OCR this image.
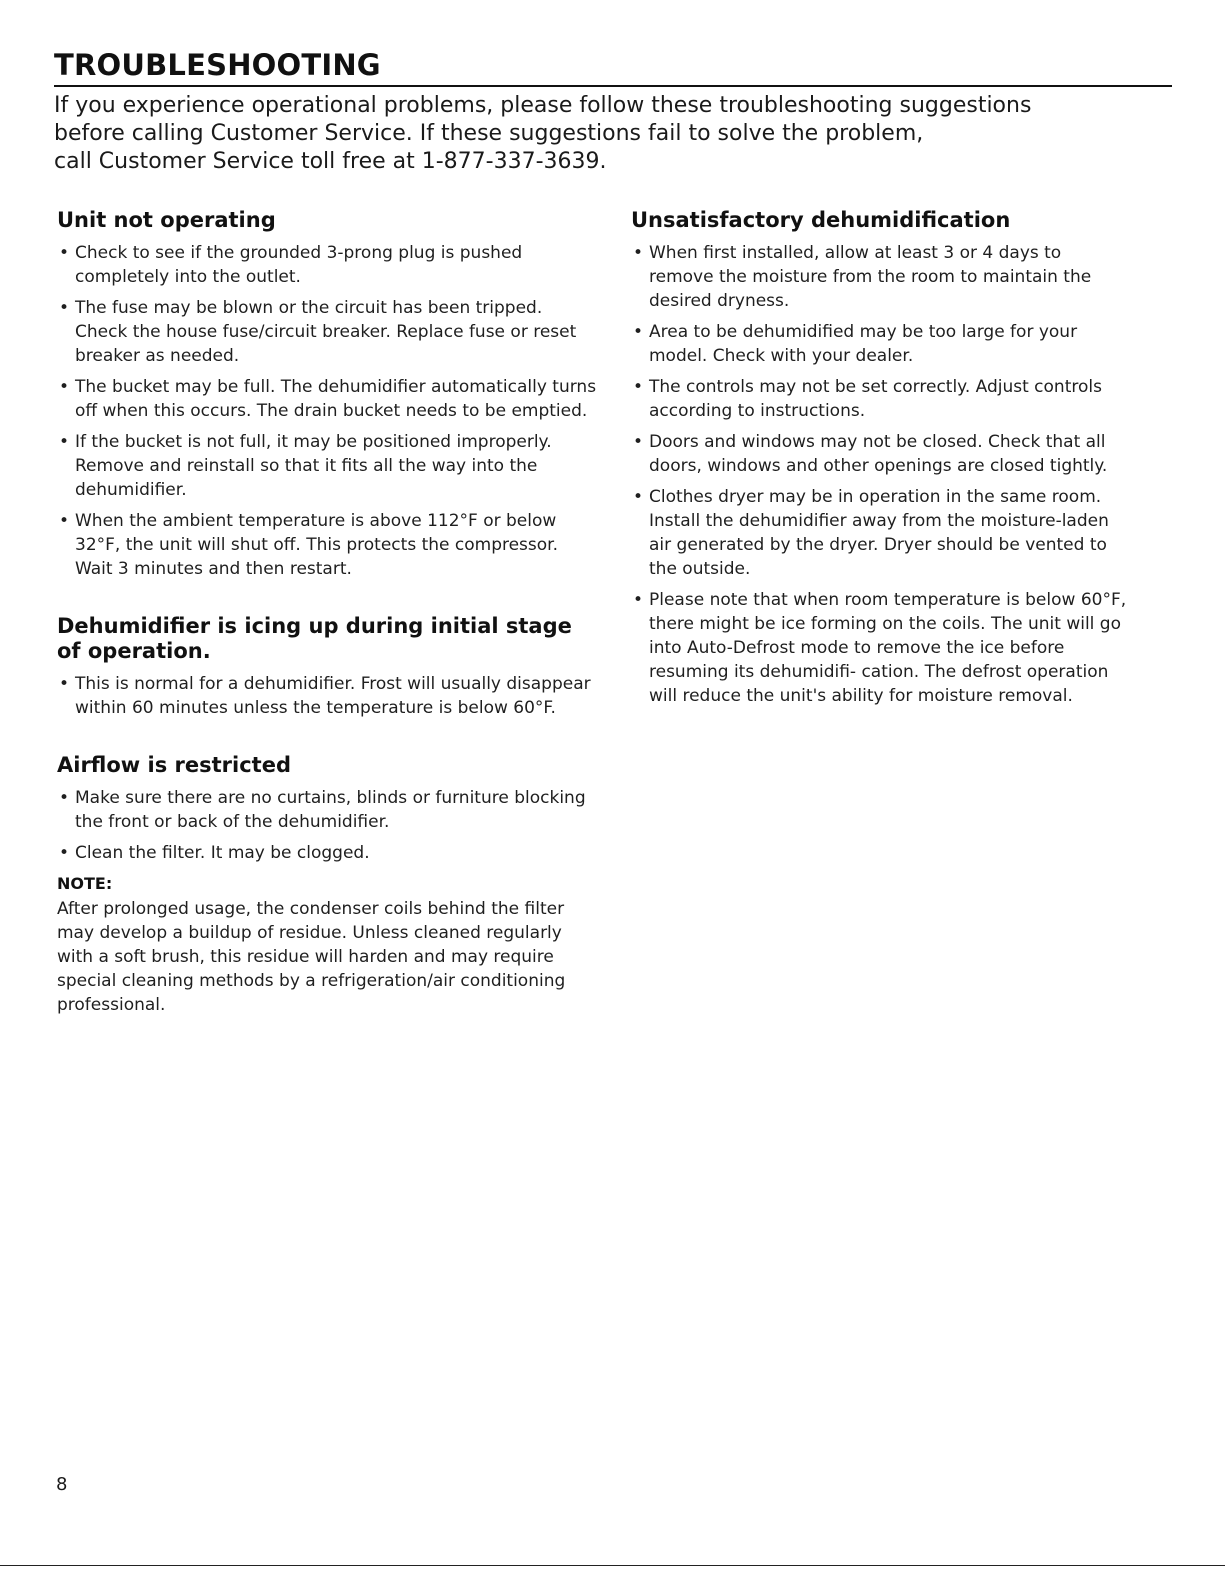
TROUBLESHOOTING
If you experience operational problems, please follow these troubleshooting suggestions
before calling Customer Service. If these suggestions fail to solve the problem,
call Customer Service toll free at 1-877-337-3639.
Unit not operating
• Check to see if the grounded 3-prong plug is pushed completely into the outlet.
• The fuse may be blown or the circuit has been tripped. Check the house fuse/circuit breaker. Replace fuse or reset breaker as needed.
• The bucket may be full. The dehumidifier automatically turns off when this occurs. The drain bucket needs to be emptied.
• If the bucket is not full, it may be positioned improperly. Remove and reinstall so that it fits all the way into the dehumidifier.
• When the ambient temperature is above 112°F or below 32°F, the unit will shut off. This protects the compressor. Wait 3 minutes and then restart.
Dehumidifier is icing up during initial stage
of operation.
• This is normal for a dehumidifier. Frost will usually disappear within 60 minutes unless the temperature is below 60°F.
Airflow is restricted
• Make sure there are no curtains, blinds or furniture blocking the front or back of the dehumidifier.
• Clean the filter. It may be clogged.
NOTE:

After prolonged usage, the condenser coils behind the filter may develop a buildup of residue. Unless cleaned regularly with a soft brush, this residue will harden and may require special cleaning methods by a refrigeration/air conditioning professional.

Unsatisfactory dehumidification
• When first installed, allow at least 3 or 4 days to remove the moisture from the room to maintain the desired dryness.
• Area to be dehumidified may be too large for your model. Check with your dealer.
• The controls may not be set correctly. Adjust controls according to instructions.
• Doors and windows may not be closed. Check that all doors, windows and other openings are closed tightly.
• Clothes dryer may be in operation in the same room. Install the dehumidifier away from the moisture-laden air generated by the dryer. Dryer should be vented to the outside.
• Please note that when room temperature is below 60°F, there might be ice forming on the coils. The unit will go into Auto-Defrost mode to remove the ice before resuming its dehumidifi- cation. The defrost operation will reduce the unit's ability for moisture removal.
8
